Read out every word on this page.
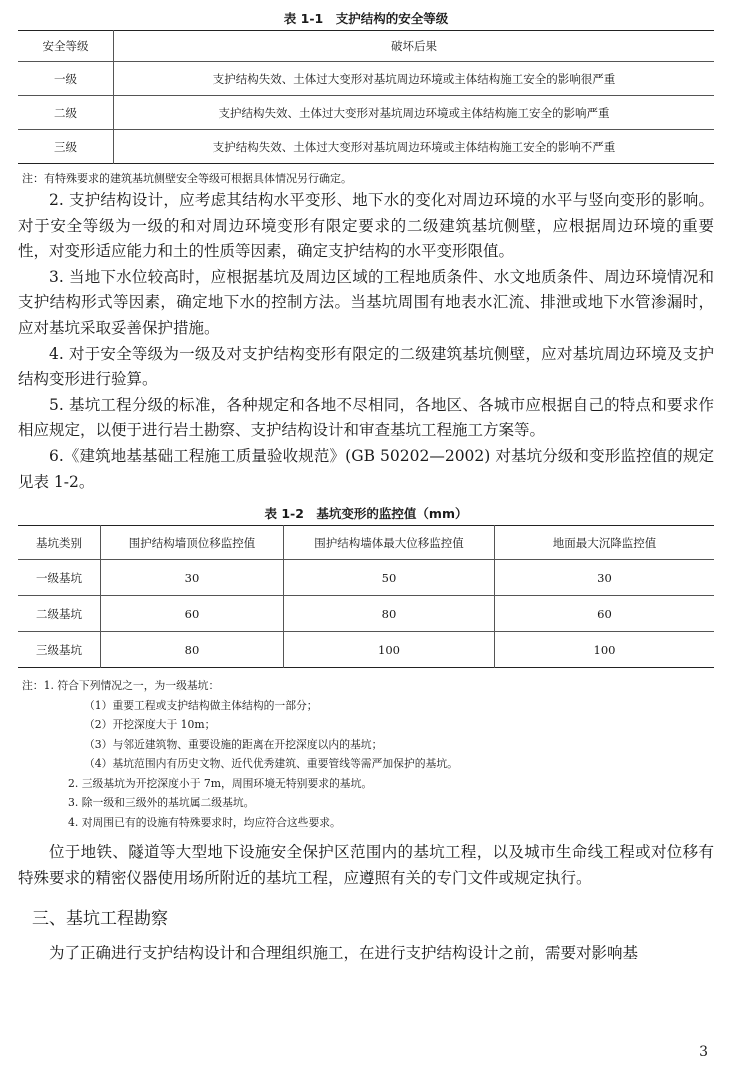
表 1-1　支护结构的安全等级
安全等级	破坏后果
一级	支护结构失效、土体过大变形对基坑周边环境或主体结构施工安全的影响很严重
二级	支护结构失效、土体过大变形对基坑周边环境或主体结构施工安全的影响严重
三级	支护结构失效、土体过大变形对基坑周边环境或主体结构施工安全的影响不严重
注：有特殊要求的建筑基坑侧壁安全等级可根据具体情况另行确定。

2. 支护结构设计，应考虑其结构水平变形、地下水的变化对周边环境的水平与竖向变形的影响。对于安全等级为一级的和对周边环境变形有限定要求的二级建筑基坑侧壁，应根据周边环境的重要性，对变形适应能力和土的性质等因素，确定支护结构的水平变形限值。

3. 当地下水位较高时，应根据基坑及周边区域的工程地质条件、水文地质条件、周边环境情况和支护结构形式等因素，确定地下水的控制方法。当基坑周围有地表水汇流、排泄或地下水管渗漏时，应对基坑采取妥善保护措施。

4. 对于安全等级为一级及对支护结构变形有限定的二级建筑基坑侧壁，应对基坑周边环境及支护结构变形进行验算。

5. 基坑工程分级的标准，各种规定和各地不尽相同，各地区、各城市应根据自己的特点和要求作相应规定，以便于进行岩土勘察、支护结构设计和审查基坑工程施工方案等。

6.《建筑地基基础工程施工质量验收规范》(GB 50202—2002) 对基坑分级和变形监控值的规定见表 1-2。

表 1-2　基坑变形的监控值（mm）
基坑类别	围护结构墙顶位移监控值	围护结构墙体最大位移监控值	地面最大沉降监控值
一级基坑	30	50	30
二级基坑	60	80	60
三级基坑	80	100	100
注：1. 符合下列情况之一，为一级基坑：
（1）重要工程或支护结构做主体结构的一部分；
（2）开挖深度大于 10m；
（3）与邻近建筑物、重要设施的距离在开挖深度以内的基坑；
（4）基坑范围内有历史文物、近代优秀建筑、重要管线等需严加保护的基坑。
2. 三级基坑为开挖深度小于 7m，周围环境无特别要求的基坑。
3. 除一级和三级外的基坑属二级基坑。
4. 对周围已有的设施有特殊要求时，均应符合这些要求。

位于地铁、隧道等大型地下设施安全保护区范围内的基坑工程，以及城市生命线工程或对位移有特殊要求的精密仪器使用场所附近的基坑工程，应遵照有关的专门文件或规定执行。

三、基坑工程勘察

为了正确进行支护结构设计和合理组织施工，在进行支护结构设计之前，需要对影响基

3
